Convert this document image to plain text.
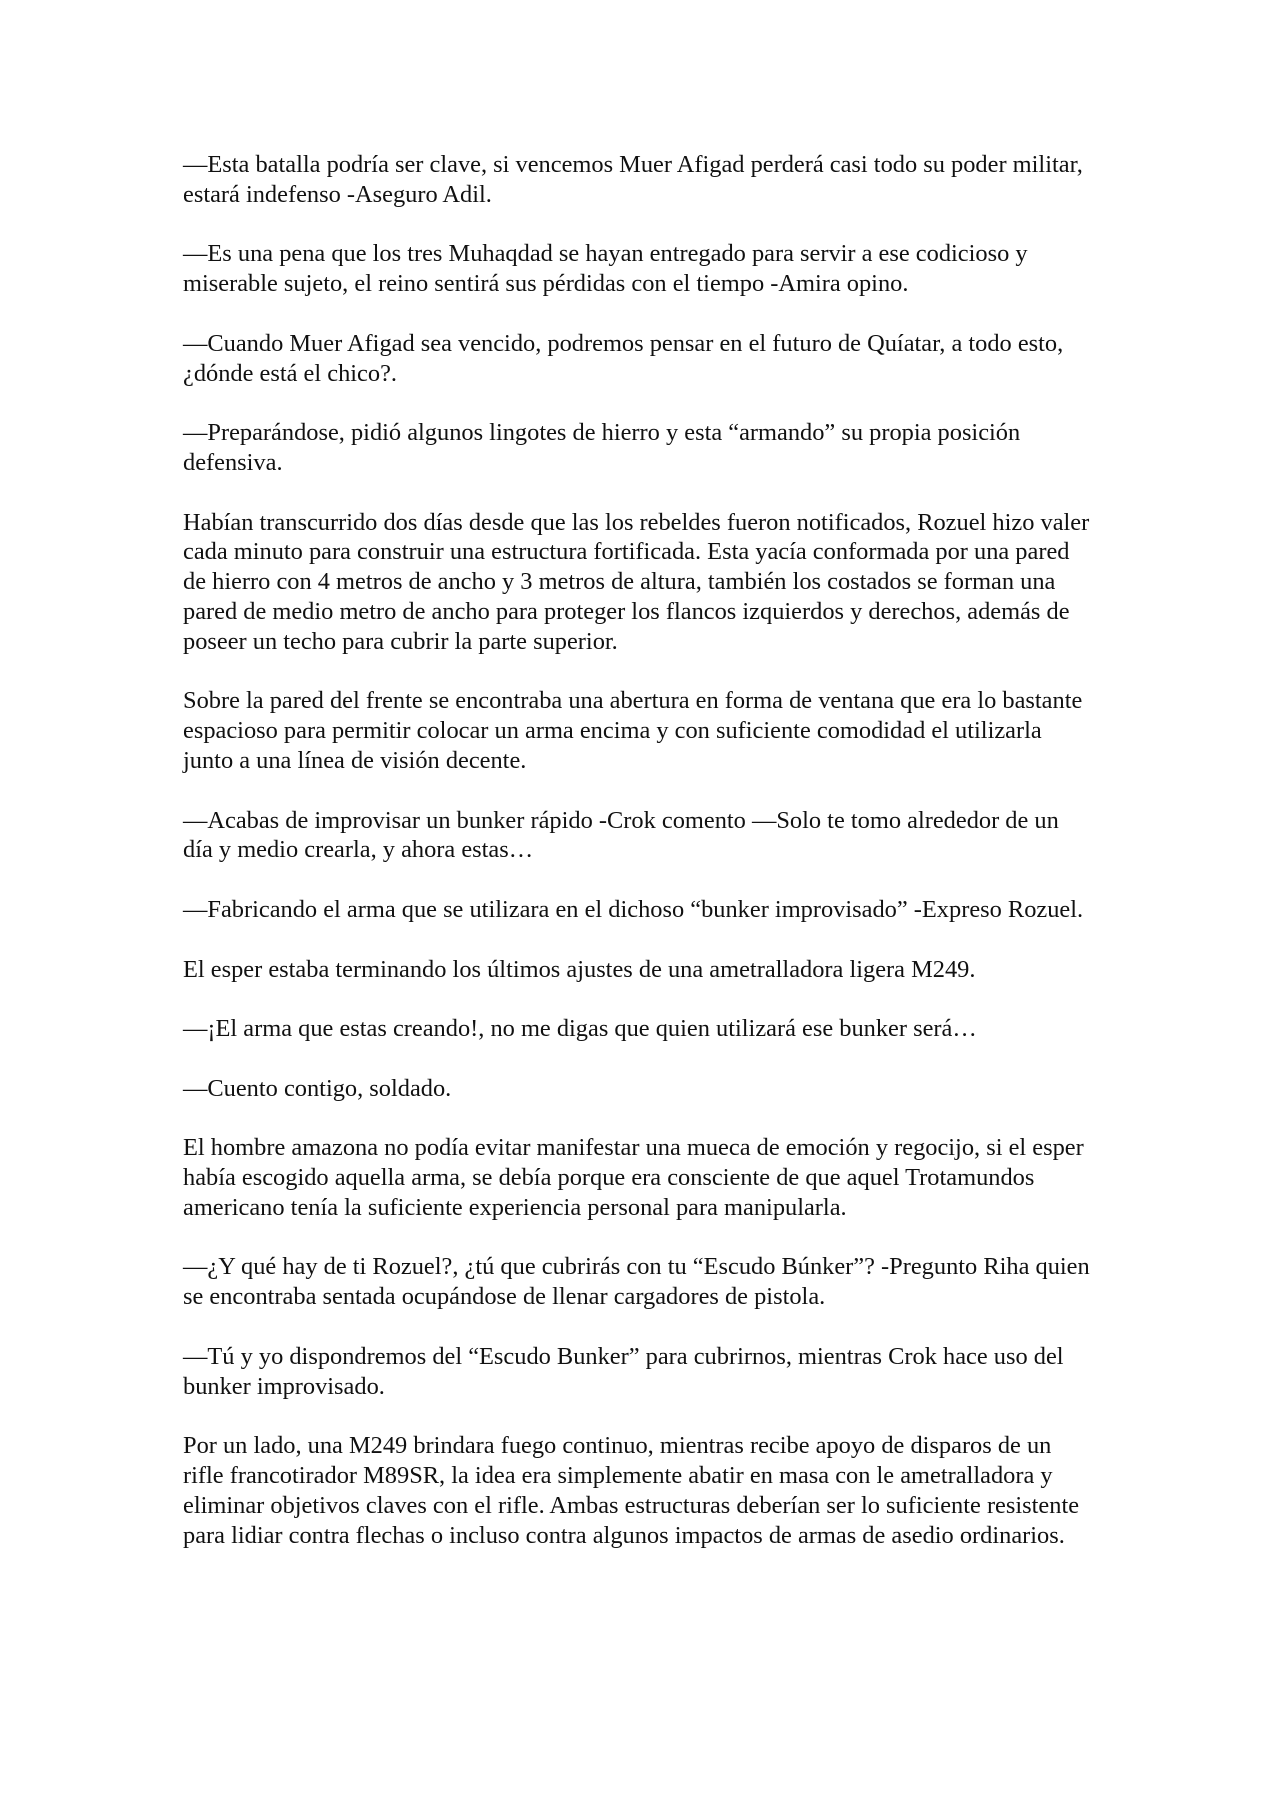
—Esta batalla podría ser clave, si vencemos Muer Afigad perderá casi todo su poder militar, estará indefenso -Aseguro Adil.

—Es una pena que los tres Muhaqdad se hayan entregado para servir a ese codicioso y miserable sujeto, el reino sentirá sus pérdidas con el tiempo -Amira opino.

—Cuando Muer Afigad sea vencido, podremos pensar en el futuro de Quíatar, a todo esto, ¿dónde está el chico?.

—Preparándose, pidió algunos lingotes de hierro y esta “armando” su propia posición defensiva.

Habían transcurrido dos días desde que las los rebeldes fueron notificados, Rozuel hizo valer cada minuto para construir una estructura fortificada. Esta yacía conformada por una pared de hierro con 4 metros de ancho y 3 metros de altura, también los costados se forman una pared de medio metro de ancho para proteger los flancos izquierdos y derechos, además de poseer un techo para cubrir la parte superior.

Sobre la pared del frente se encontraba una abertura en forma de ventana que era lo bastante espacioso para permitir colocar un arma encima y con suficiente comodidad el utilizarla junto a una línea de visión decente.

—Acabas de improvisar un bunker rápido -Crok comento —Solo te tomo alrededor de un día y medio crearla, y ahora estas…

—Fabricando el arma que se utilizara en el dichoso “bunker improvisado” -Expreso Rozuel.

El esper estaba terminando los últimos ajustes de una ametralladora ligera M249.

—¡El arma que estas creando!, no me digas que quien utilizará ese bunker será…

—Cuento contigo, soldado.

El hombre amazona no podía evitar manifestar una mueca de emoción y regocijo, si el esper había escogido aquella arma, se debía porque era consciente de que aquel Trotamundos americano tenía la suficiente experiencia personal para manipularla.

—¿Y qué hay de ti Rozuel?, ¿tú que cubrirás con tu “Escudo Búnker”? -Pregunto Riha quien se encontraba sentada ocupándose de llenar cargadores de pistola.

—Tú y yo dispondremos del “Escudo Bunker” para cubrirnos, mientras Crok hace uso del bunker improvisado.

Por un lado, una M249 brindara fuego continuo, mientras recibe apoyo de disparos de un rifle francotirador M89SR, la idea era simplemente abatir en masa con le ametralladora y eliminar objetivos claves con el rifle. Ambas estructuras deberían ser lo suficiente resistente para lidiar contra flechas o incluso contra algunos impactos de armas de asedio ordinarios.
